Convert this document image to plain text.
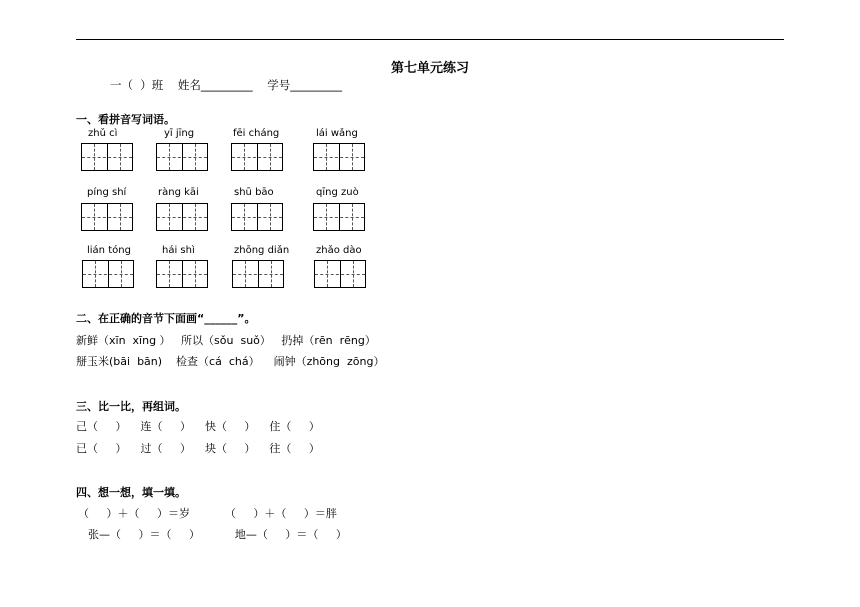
第七单元练习
一（  ）班    姓名_________    学号_________
一、看拼音写词语。
zhǔ cì	yī jīng	fēi cháng	lái wǎng
píng shí	ràng kāi	shū bāo	qīng zuò
lián tóng	hái shì	zhōng diǎn	zhǎo dào
二、在正确的音节下面画“______”。
新鲜（xīn  xīng ）   所以（sǒu  suǒ）   扔掉（rēn  rēng）
掰玉米(bāi  bān)    检查（cá  chá）    闹钟（zhōng  zōng）
三、比一比，再组词。
己（     ）    连（     ）    快（     ）    住（     ）
已（     ）    过（     ）    块（     ）    往（     ）
四、想一想，填一填。
（     ）＋（     ）＝岁          （     ）＋（     ）＝胖
张—（     ）＝（     ）          地—（     ）＝（     ）
